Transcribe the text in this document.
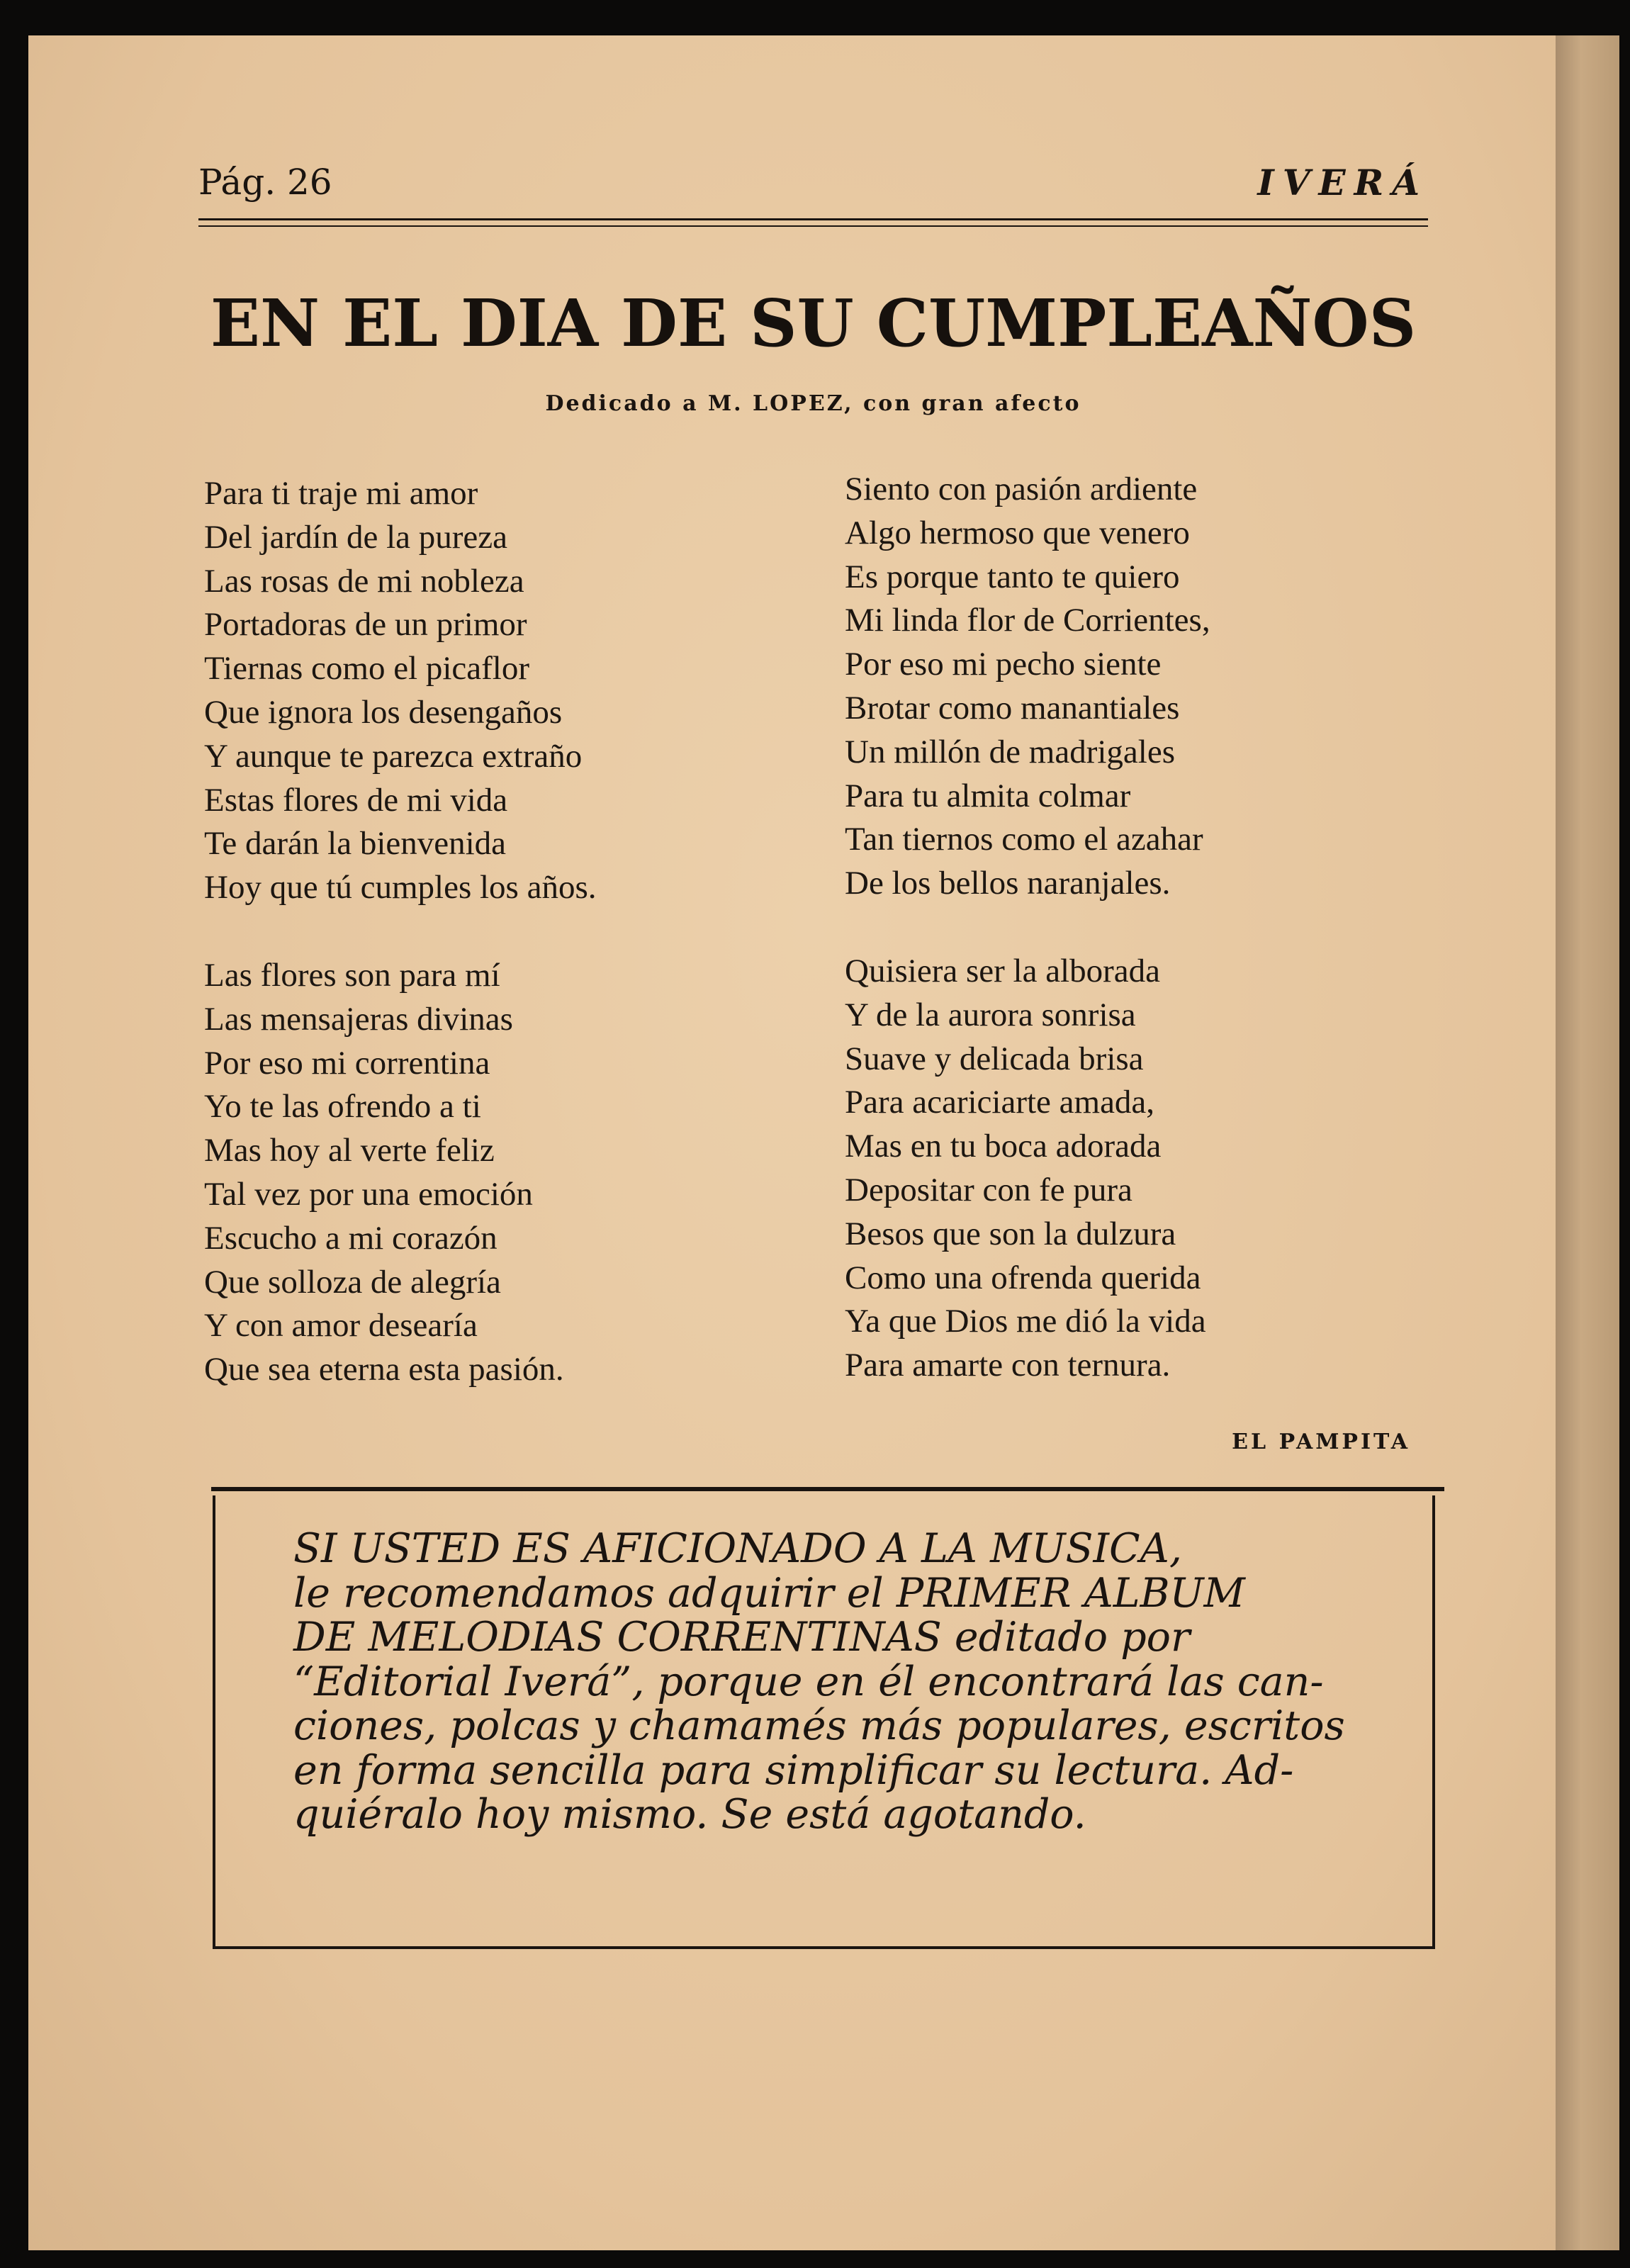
Pág. 26	IVERÁ
EN EL DIA DE SU CUMPLEAÑOS
Dedicado a M. LOPEZ, con gran afecto
Para ti traje mi amor
Del jardín de la pureza
Las rosas de mi nobleza
Portadoras de un primor
Tiernas como el picaflor
Que ignora los desengaños
Y aunque te parezca extraño
Estas flores de mi vida
Te darán la bienvenida
Hoy que tú cumples los años.
Las flores son para mí
Las mensajeras divinas
Por eso mi correntina
Yo te las ofrendo a ti
Mas hoy al verte feliz
Tal vez por una emoción
Escucho a mi corazón
Que solloza de alegría
Y con amor desearía
Que sea eterna esta pasión.
Siento con pasión ardiente
Algo hermoso que venero
Es porque tanto te quiero
Mi linda flor de Corrientes,
Por eso mi pecho siente
Brotar como manantiales
Un millón de madrigales
Para tu almita colmar
Tan tiernos como el azahar
De los bellos naranjales.
Quisiera ser la alborada
Y de la aurora sonrisa
Suave y delicada brisa
Para acariciarte amada,
Mas en tu boca adorada
Depositar con fe pura
Besos que son la dulzura
Como una ofrenda querida
Ya que Dios me dió la vida
Para amarte con ternura.
EL PAMPITA
SI USTED ES AFICIONADO A LA MUSICA,
le recomendamos adquirir el PRIMER ALBUM
DE MELODIAS CORRENTINAS editado por
“Editorial Iverá”, porque en él encontrará las can-
ciones, polcas y chamamés más populares, escritos
en forma sencilla para simplificar su lectura. Ad-
quiéralo hoy mismo. Se está agotando.
